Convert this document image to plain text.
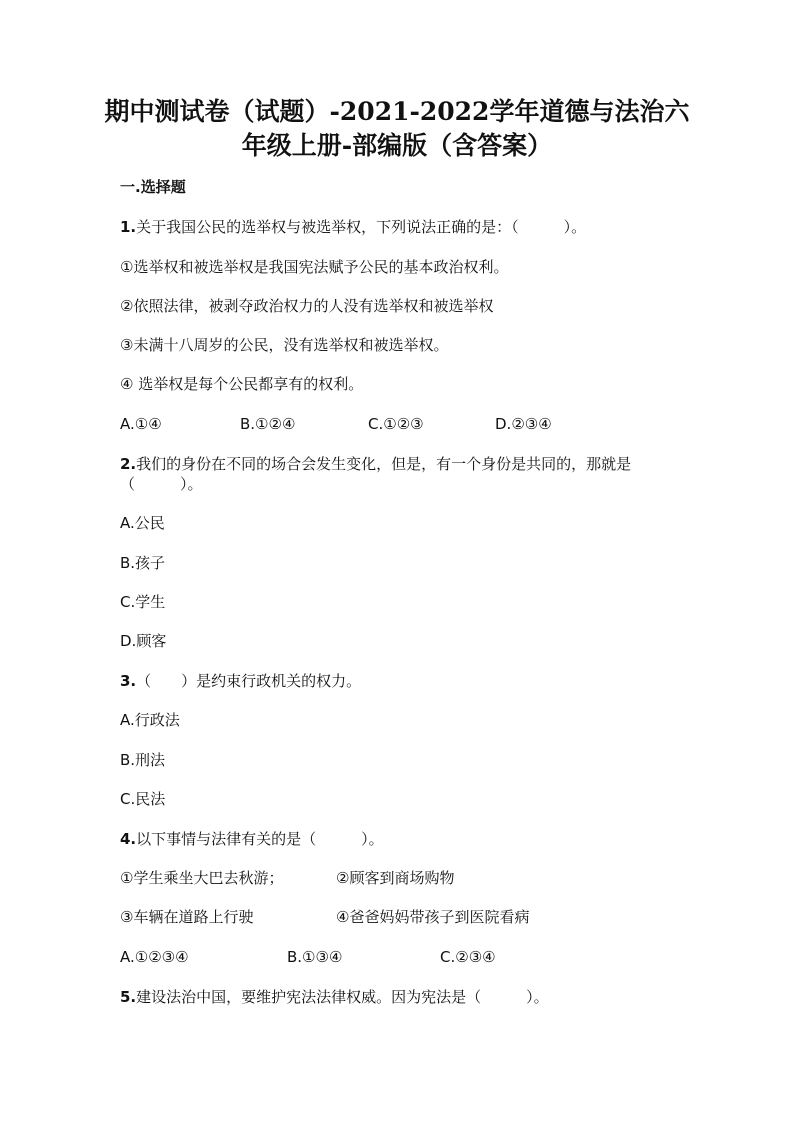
期中测试卷（试题）-2021-2022学年道德与法治六
年级上册-部编版（含答案）
一.选择题
1.关于我国公民的选举权与被选举权，下列说法正确的是：（　　　）。
①选举权和被选举权是我国宪法赋予公民的基本政治权利。
②依照法律，被剥夺政治权力的人没有选举权和被选举权
③未满十八周岁的公民，没有选举权和被选举权。
④ 选举权是每个公民都享有的权利。
A.①④	B.①②④	C.①②③	D.②③④
2.我们的身份在不同的场合会发生变化，但是，有一个身份是共同的，那就是
（　　　）。
A.公民
B.孩子
C.学生
D.顾客
3.（　　）是约束行政机关的权力。
A.行政法
B.刑法
C.民法
4.以下事情与法律有关的是（　　　）。
①学生乘坐大巴去秋游；	②顾客到商场购物
③车辆在道路上行驶	④爸爸妈妈带孩子到医院看病
A.①②③④	B.①③④	C.②③④
5.建设法治中国，要维护宪法法律权威。因为宪法是（　　　）。
